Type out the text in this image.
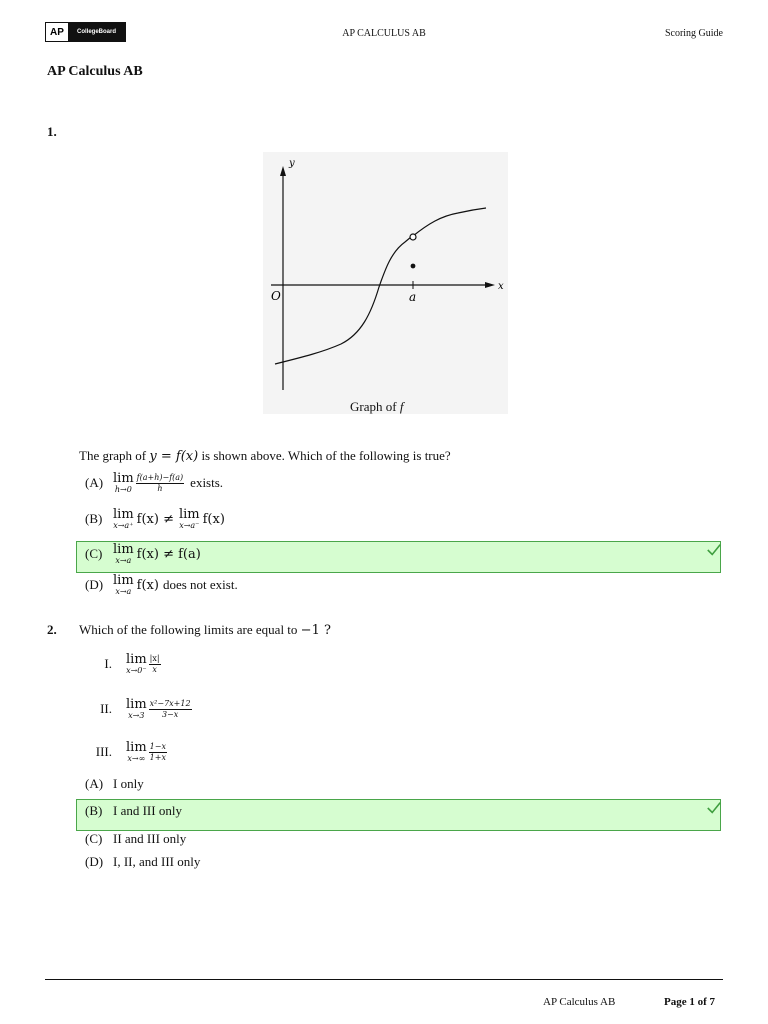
AP	CollegeBoard	AP CALCULUS AB	Scoring Guide
AP Calculus AB
1.
y
x
O	a
Graph of f
The graph of y = f(x) is shown above. Which of the following is true?
(A) lim
$h\to 0 \frac{f(a+h)-f(a)}{h}$ exists.
(B) lim
x→a⁺ f(x) ≠ lim
x→a⁻ f(x)
(C) lim
x→a f(x) ≠ f(a)
(D) lim
x→a f(x) does not exist.
2. Which of the following limits are equal to −1 ?
I. lim
$x\to 0^- \frac{|x|}{x}$
II. lim
$x\to 3 \frac{\text{x²−7x+12}}{3-x}$
III. lim
$x\to\infty \frac{1-x}{1+x}$
(A) I only
(B) I and III only
(C) II and III only
(D) I, II, and III only
AP Calculus AB	Page 1 of 7
